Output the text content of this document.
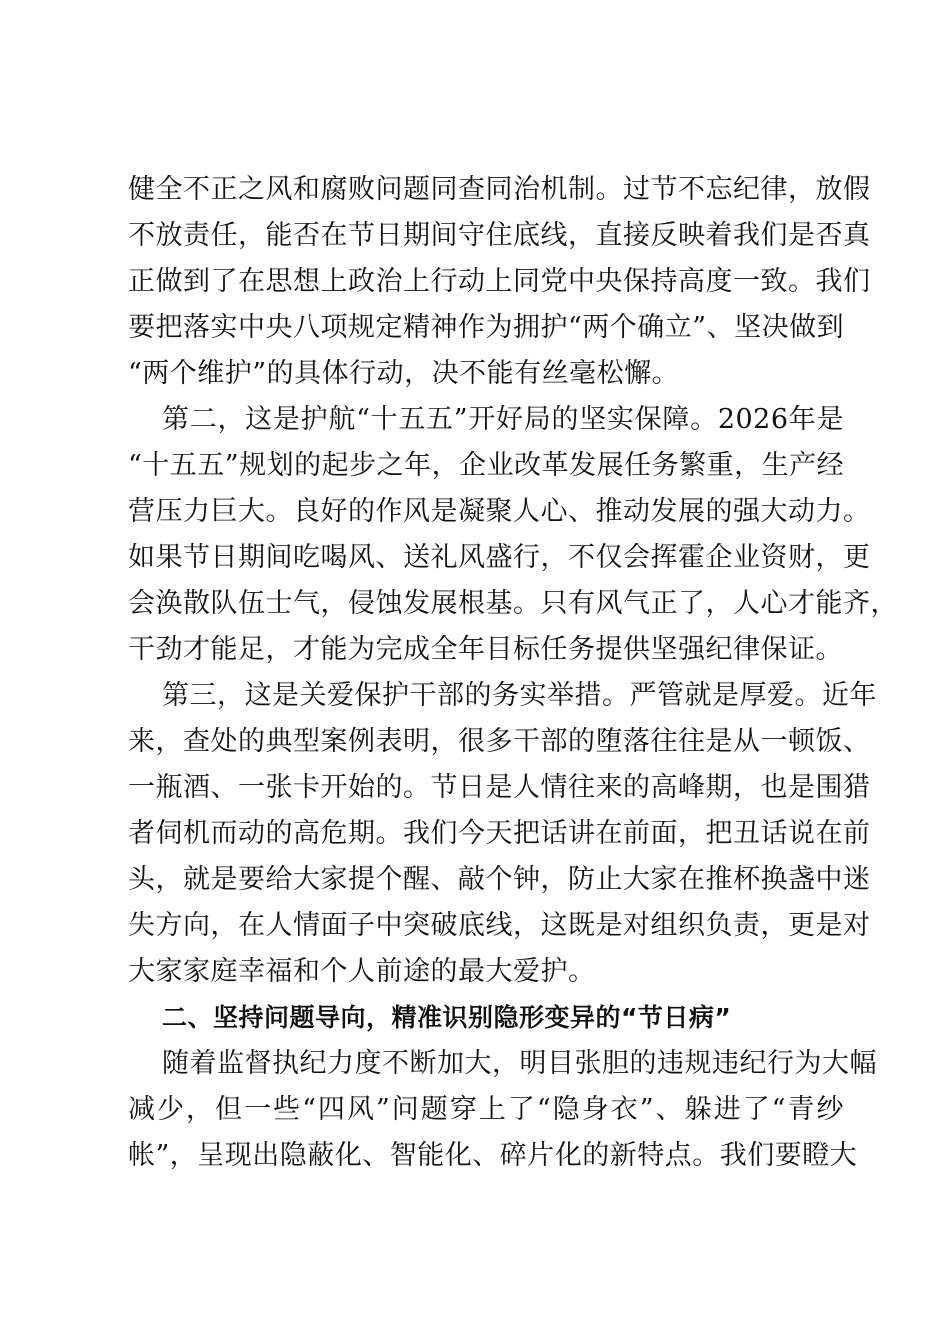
健全不正之风和腐败问题同查同治机制。过节不忘纪律，放假

不放责任，能否在节日期间守住底线，直接反映着我们是否真

正做到了在思想上政治上行动上同党中央保持高度一致。我们

要把落实中央八项规定精神作为拥护“两个确立”、坚决做到

“两个维护”的具体行动，决不能有丝毫松懈。

第二，这是护航“十五五”开好局的坚实保障。2026年是

“十五五”规划的起步之年，企业改革发展任务繁重，生产经

营压力巨大。良好的作风是凝聚人心、推动发展的强大动力。

如果节日期间吃喝风、送礼风盛行，不仅会挥霍企业资财，更

会涣散队伍士气，侵蚀发展根基。只有风气正了，人心才能齐，

干劲才能足，才能为完成全年目标任务提供坚强纪律保证。

第三，这是关爱保护干部的务实举措。严管就是厚爱。近年

来，查处的典型案例表明，很多干部的堕落往往是从一顿饭、

一瓶酒、一张卡开始的。节日是人情往来的高峰期，也是围猎

者伺机而动的高危期。我们今天把话讲在前面，把丑话说在前

头，就是要给大家提个醒、敲个钟，防止大家在推杯换盏中迷

失方向，在人情面子中突破底线，这既是对组织负责，更是对

大家家庭幸福和个人前途的最大爱护。

二、坚持问题导向，精准识别隐形变异的“节日病”

随着监督执纪力度不断加大，明目张胆的违规违纪行为大幅

减少，但一些“四风”问题穿上了“隐身衣”、躲进了“青纱

帐”，呈现出隐蔽化、智能化、碎片化的新特点。我们要瞪大
